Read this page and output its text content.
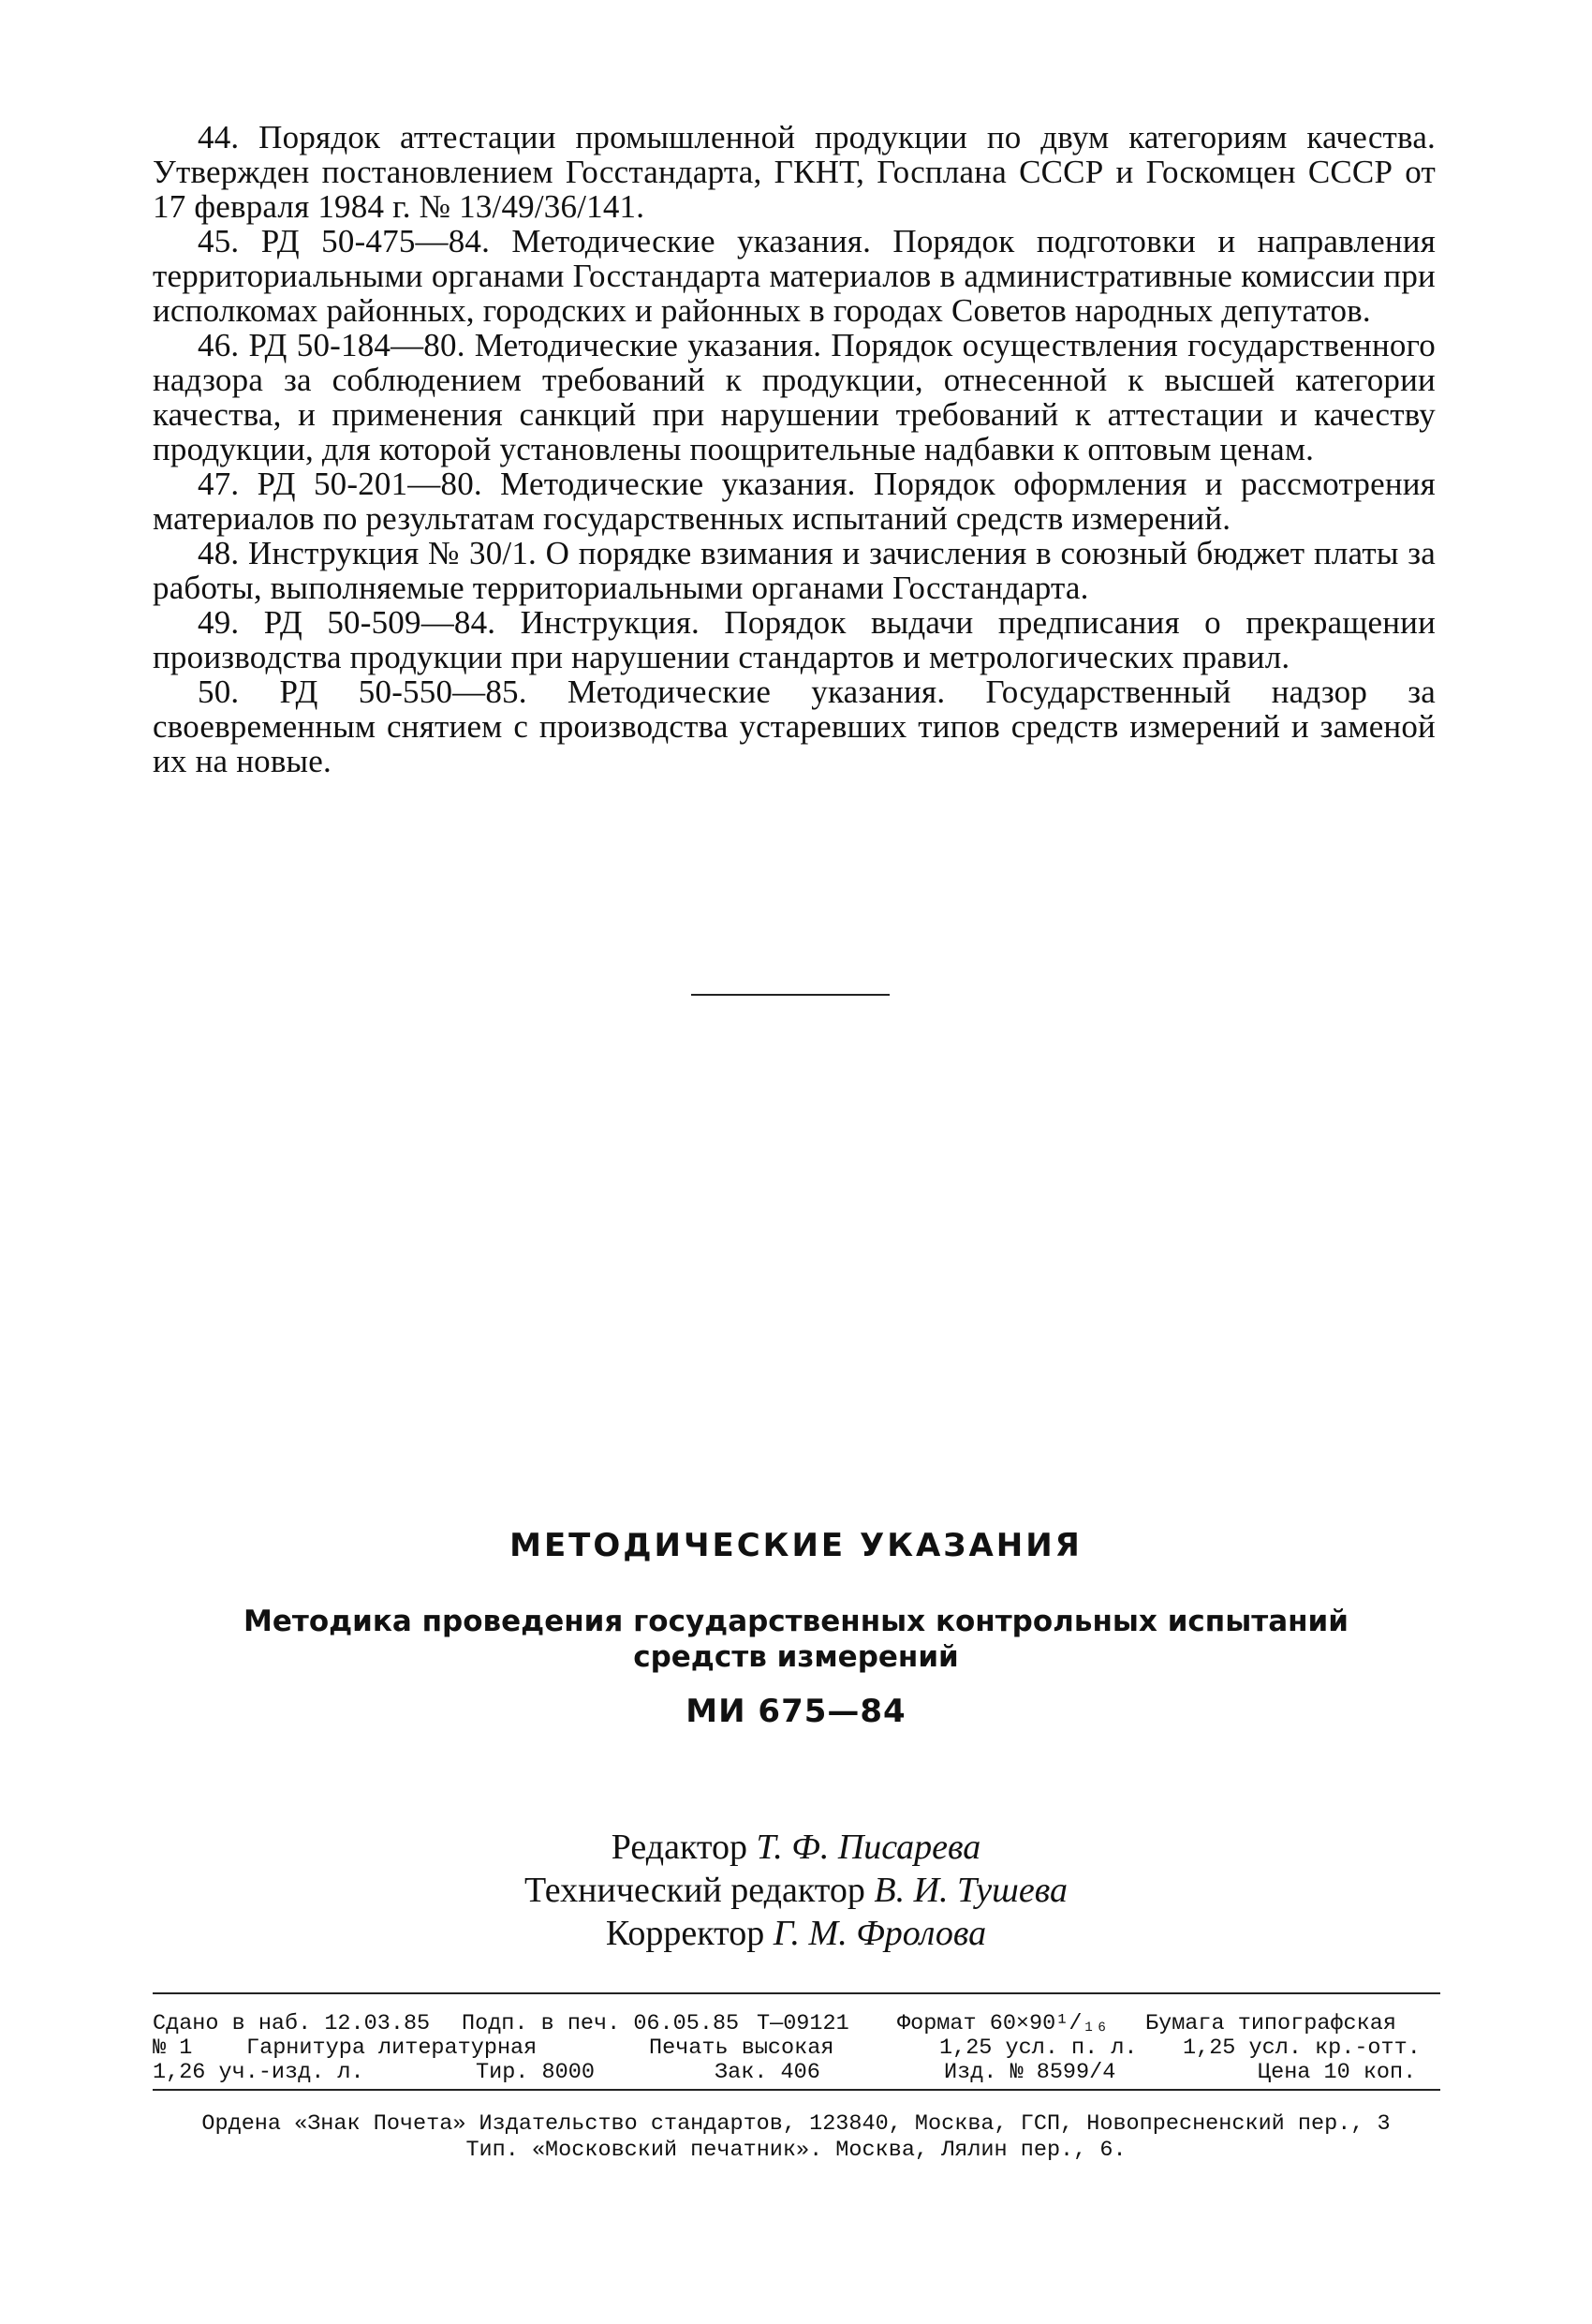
44. Порядок аттестации промышленной продукции по двум категориям качества. Утвержден постановлением Госстандарта, ГКНТ, Госплана СССР и Госкомцен СССР от 17 февраля 1984 г. № 13/49/36/141.

45. РД 50-475—84. Методические указания. Порядок подготовки и направления территориальными органами Госстандарта материалов в административные комиссии при исполкомах районных, городских и районных в городах Советов народных депутатов.

46. РД 50-184—80. Методические указания. Порядок осуществления государственного надзора за соблюдением требований к продукции, отнесенной к высшей категории качества, и применения санкций при нарушении требований к аттестации и качеству продукции, для которой установлены поощрительные надбавки к оптовым ценам.

47. РД 50-201—80. Методические указания. Порядок оформления и рассмотрения материалов по результатам государственных испытаний средств измерений.

48. Инструкция № 30/1. О порядке взимания и зачисления в союзный бюджет платы за работы, выполняемые территориальными органами Госстандарта.

49. РД 50-509—84. Инструкция. Порядок выдачи предписания о прекращении производства продукции при нарушении стандартов и метрологических правил.

50. РД 50-550—85. Методические указания. Государственный надзор за своевременным снятием с производства устаревших типов средств измерений и заменой их на новые.

МЕТОДИЧЕСКИЕ УКАЗАНИЯ
Методика проведения государственных контрольных испытаний
средств измерений
МИ 675—84
Редактор Т. Ф. Писарева
Технический редактор В. И. Тушева
Корректор Г. М. Фролова
Сдано в наб. 12.03.85 Подп. в печ. 06.05.85 Т—09121 Формат 60×90¹/₁₆ Бумага типографская
№ 1 Гарнитура литературная	Печать высокая	1,25 усл. п. л. 1,25 усл. кр.-отт.
1,26 уч.-изд. л.	Тир. 8000	Зак. 406	Изд. № 8599/4	Цена 10 коп.
Ордена «Знак Почета» Издательство стандартов, 123840, Москва, ГСП, Новопресненский пер., 3
Тип. «Московский печатник». Москва, Лялин пер., 6.
